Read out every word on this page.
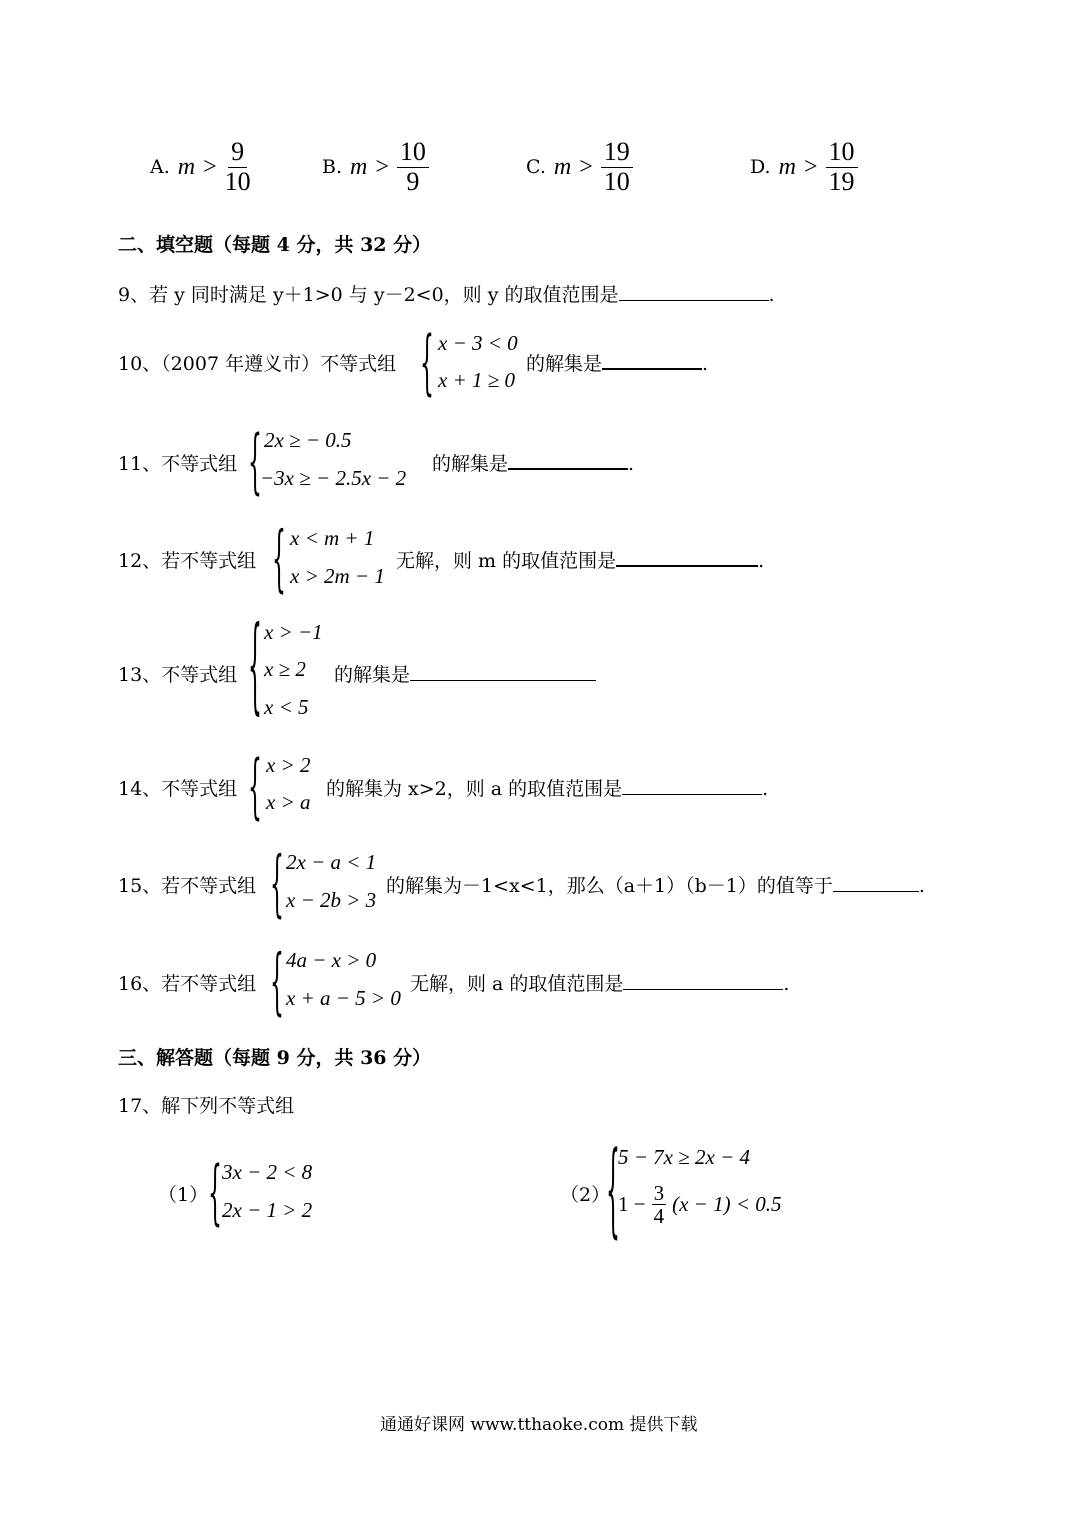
A. $m > \frac{9}{10}$	B. $m > \frac{10}{9}$	C. $m > \frac{19}{10}$	D. $m > \frac{10}{19}$
二、填空题（每题 4 分，共 32 分）
9、若 y 同时满足 y＋1>0 与 y－2<0，则 y 的取值范围是	.
10、（2007 年遵义市）不等式组 { x − 3 < 0
x + 1 ≥ 0
的解集是	.
11、不等式组 { 2x ≥ − 0.5
−3x ≥ − 2.5x − 2
的解集是	.
12、若不等式组 { x < m + 1
x > 2m − 1
无解，则 m 的取值范围是	.
13、不等式组 { x > −1
x ≥ 2
x < 5
的解集是
14、不等式组 { x > 2
x > a
的解集为 x>2，则 a 的取值范围是	.
15、若不等式组 { 2x − a < 1
x − 2b > 3
的解集为－1<x<1，那么（a＋1）（b－1）的值等于	.
16、若不等式组 { 4a − x > 0
x + a − 5 > 0
无解，则 a 的取值范围是	.
三、解答题（每题 9 分，共 36 分）
17、解下列不等式组
（1） { 3x − 2 < 8
2x − 1 > 2
（2）
{
5 − 7x ≥ 2x − 4
$1 - \frac{3}{4} (x - 1) < 0.5$
通通好课网 www.tthaoke.com 提供下载
